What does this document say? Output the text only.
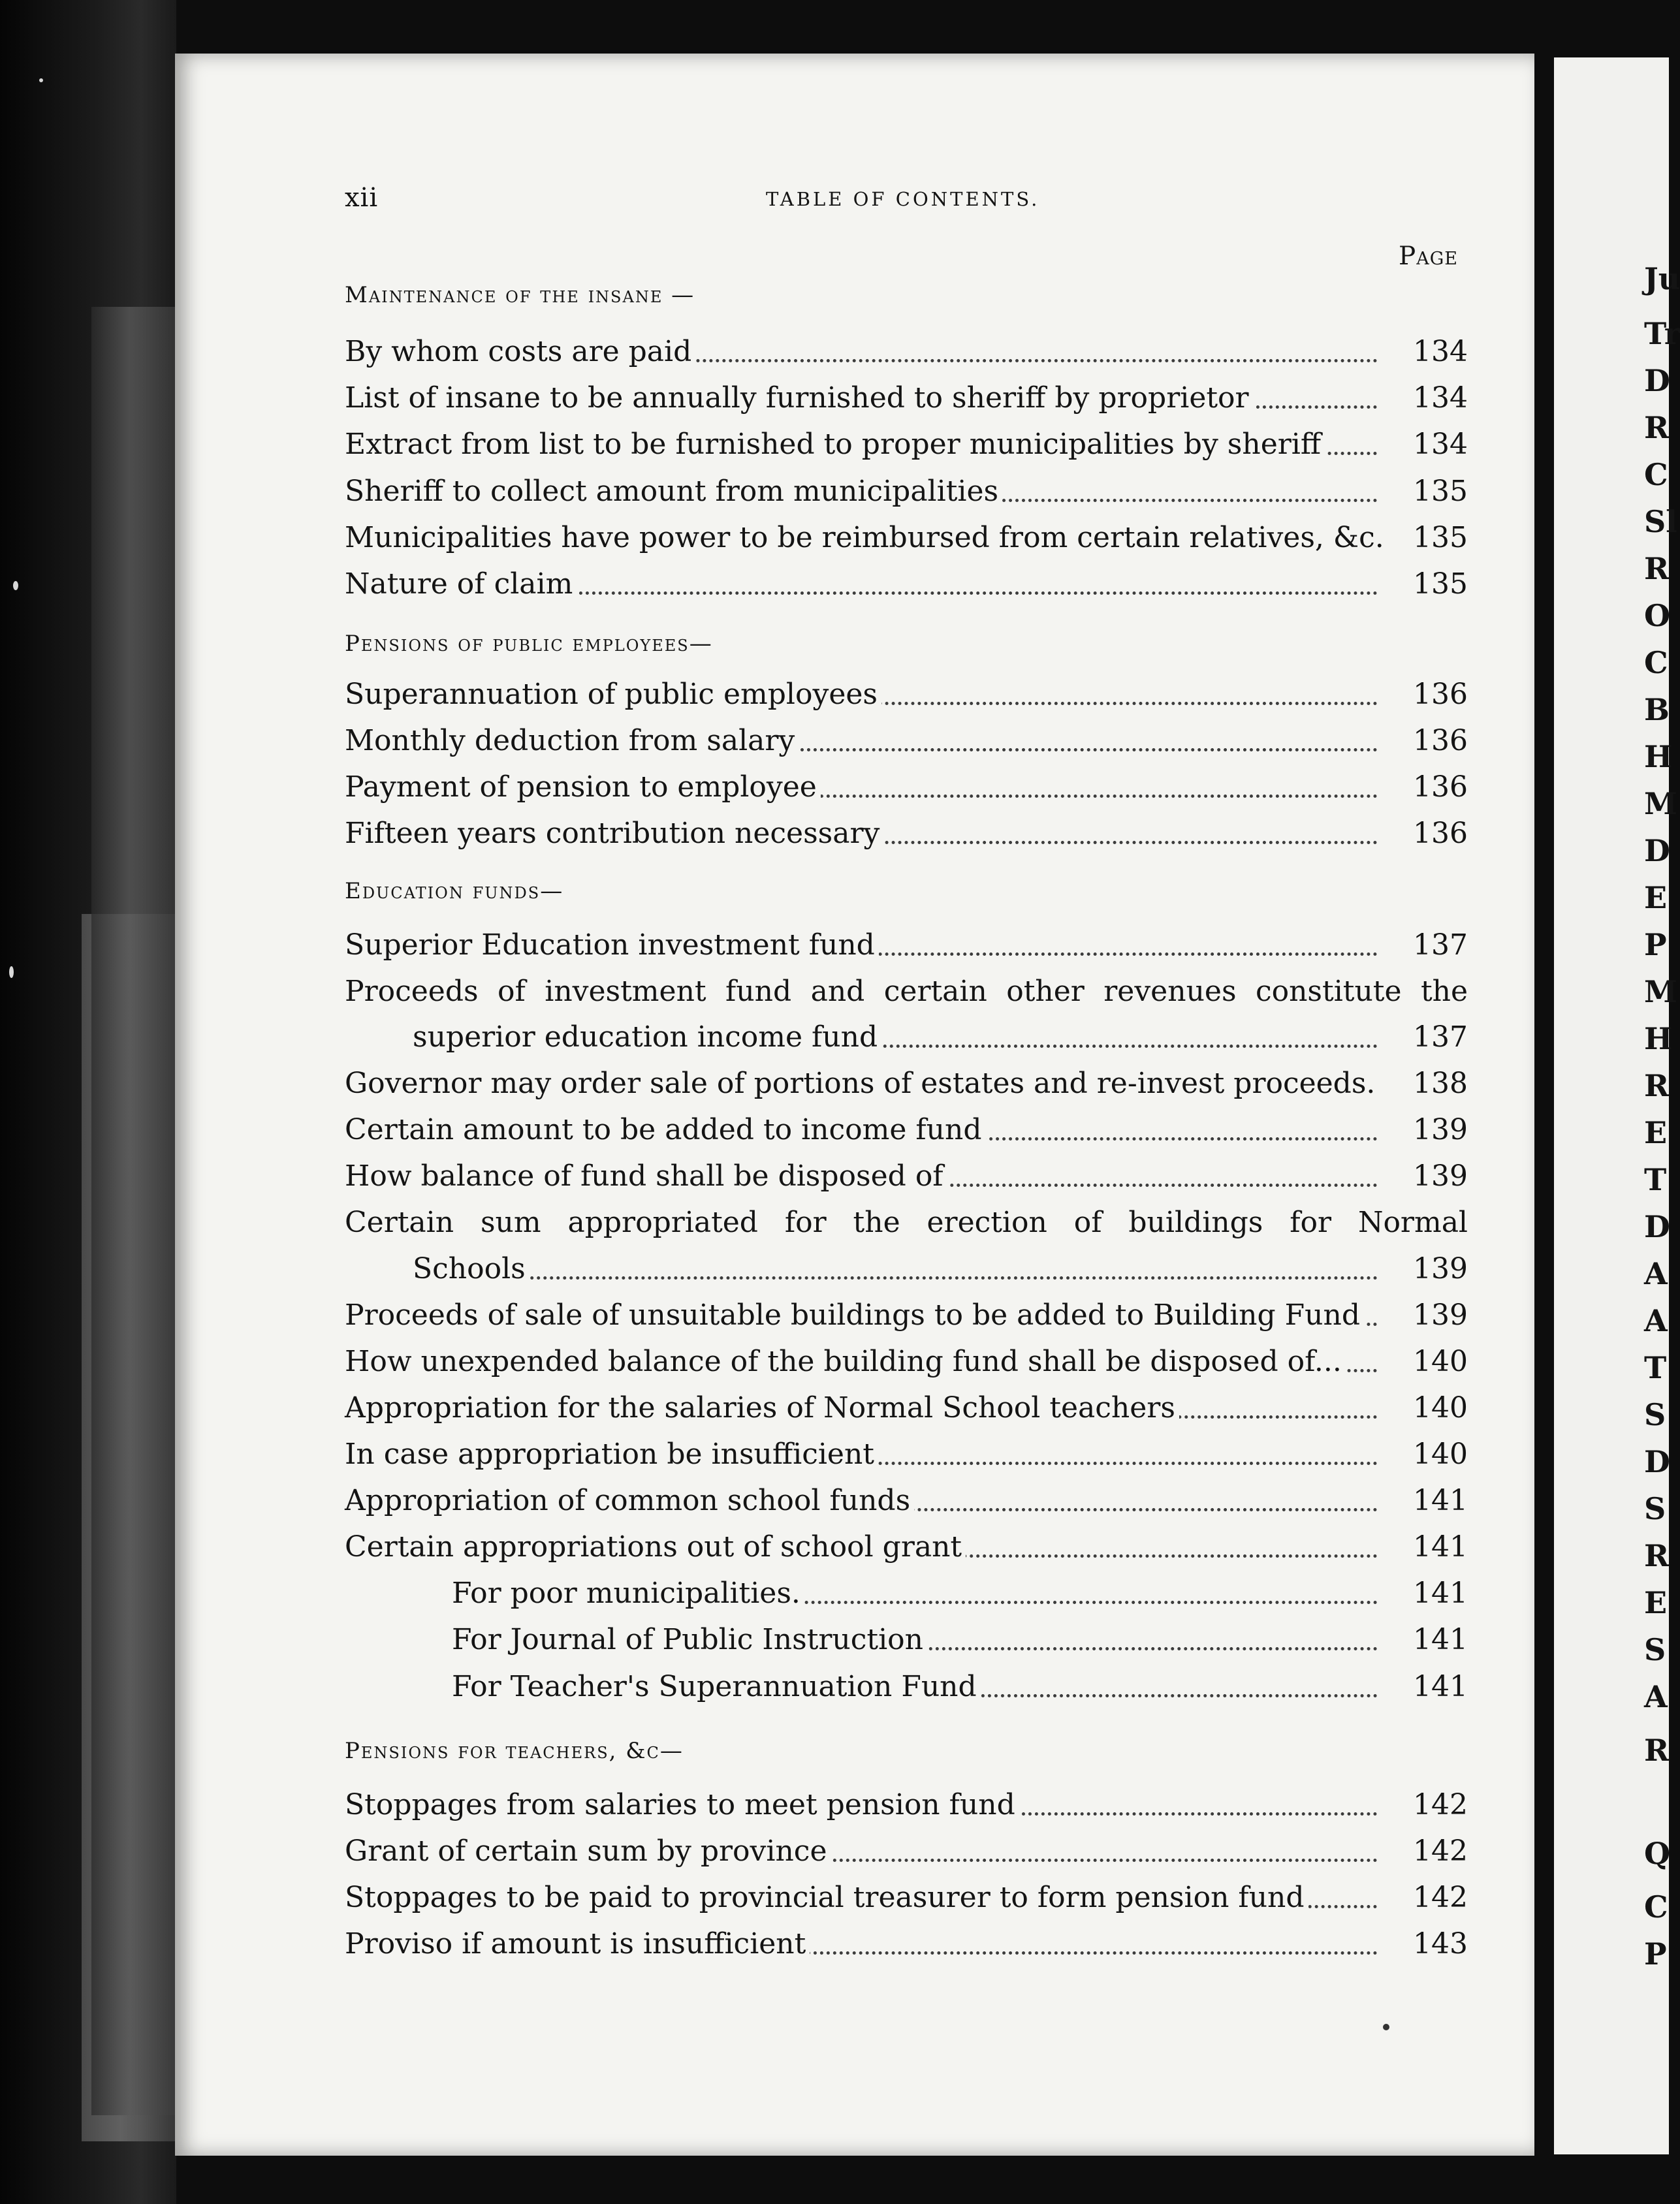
Ju
Tr
D
R
C
Sl
R
O
C
B
H
M
D
E
P
M
H
R
E
T
D
A
A
T
S
D
S
R
E
S
A
R
Q
C
P
xii	TABLE OF CONTENTS.
Page
Maintenance of the insane —
By whom costs are paid	134
List of insane to be annually furnished to sheriff by proprietor	134
Extract from list to be furnished to proper municipalities by sheriff	134
Sheriff to collect amount from municipalities	135
Municipalities have power to be reimbursed from certain relatives, &c. 135
Nature of claim	135
Pensions of public employees—
Superannuation of public employees	136
Monthly deduction from salary	136
Payment of pension to employee	136
Fifteen years contribution necessary	136
Education funds—
Superior Education investment fund	137
Proceeds of investment fund and certain other revenues constitute the
superior education income fund	137
Governor may order sale of portions of estates and re-invest proceeds. 138
Certain amount to be added to income fund	139
How balance of fund shall be disposed of	139
Certain sum appropriated for the erection of buildings for Normal
Schools	139
Proceeds of sale of unsuitable buildings to be added to Building Fund	139
How unexpended balance of the building fund shall be disposed of...	140
Appropriation for the salaries of Normal School teachers	140
In case appropriation be insufficient	140
Appropriation of common school funds	141
Certain appropriations out of school grant	141
For poor municipalities.	141
For Journal of Public Instruction	141
For Teacher's Superannuation Fund	141
Pensions for teachers, &c—
Stoppages from salaries to meet pension fund	142
Grant of certain sum by province	142
Stoppages to be paid to provincial treasurer to form pension fund	142
Proviso if amount is insufficient	143
